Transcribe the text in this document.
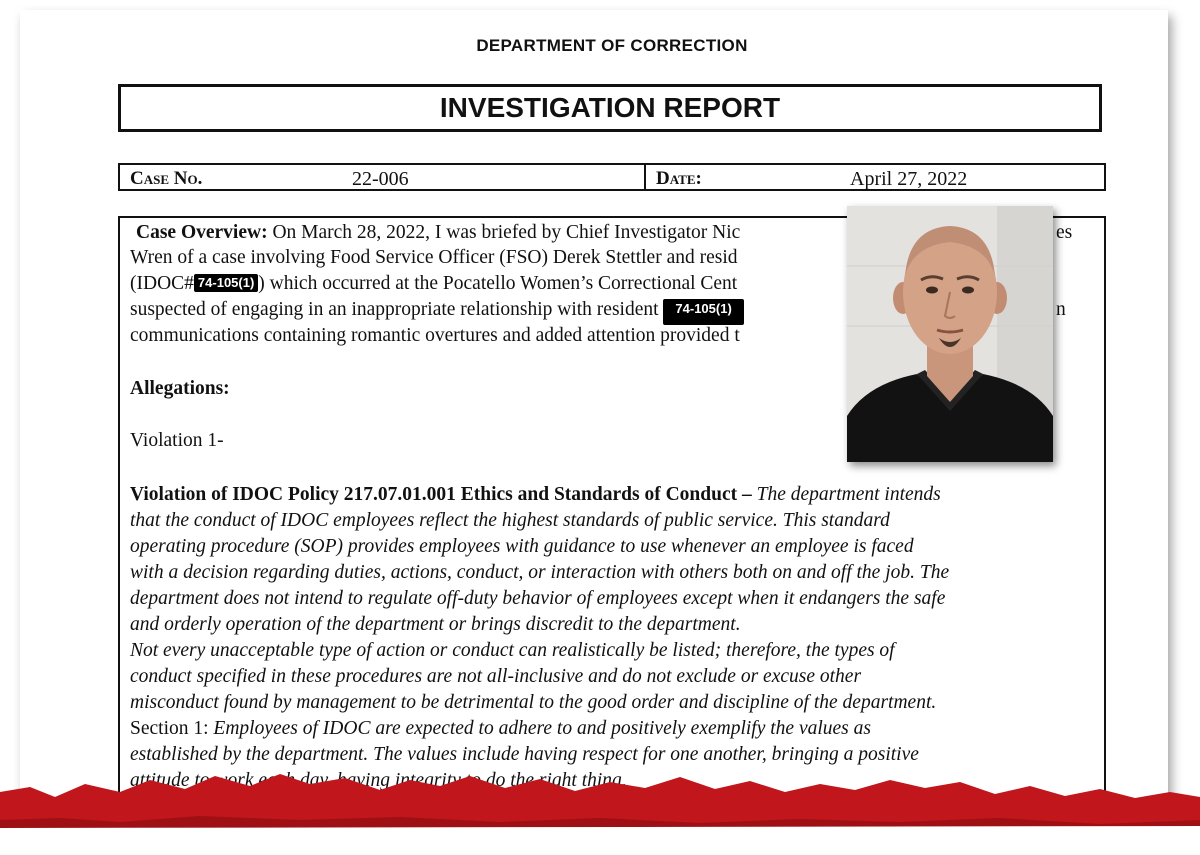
DEPARTMENT OF CORRECTION
INVESTIGATION REPORT
Case No.	22-006	Date:	April 27, 2022
Case Overview: On March 28, 2022, I was briefed by Chief Investigator Nic	es
Wren of a case involving Food Service Officer (FSO) Derek Stettler and resid
(IDOC# 74-105(1) ) which occurred at the Pocatello Women’s Correctional Cent
suspected of engaging in an inappropriate relationship with resident 74-105(1)	n
communications containing romantic overtures and added attention provided t
Allegations:
Violation 1-
Violation of IDOC Policy 217.07.01.001 Ethics and Standards of Conduct – The department intends
that the conduct of IDOC employees reflect the highest standards of public service. This standard
operating procedure (SOP) provides employees with guidance to use whenever an employee is faced
with a decision regarding duties, actions, conduct, or interaction with others both on and off the job. The
department does not intend to regulate off-duty behavior of employees except when it endangers the safe
and orderly operation of the department or brings discredit to the department.
Not every unacceptable type of action or conduct can realistically be listed; therefore, the types of
conduct specified in these procedures are not all-inclusive and do not exclude or excuse other
misconduct found by management to be detrimental to the good order and discipline of the department.
Section 1: Employees of IDOC are expected to adhere to and positively exemplify the values as
established by the department. The values include having respect for one another, bringing a positive
attitude to work each day, having integrity to do the right thing,
